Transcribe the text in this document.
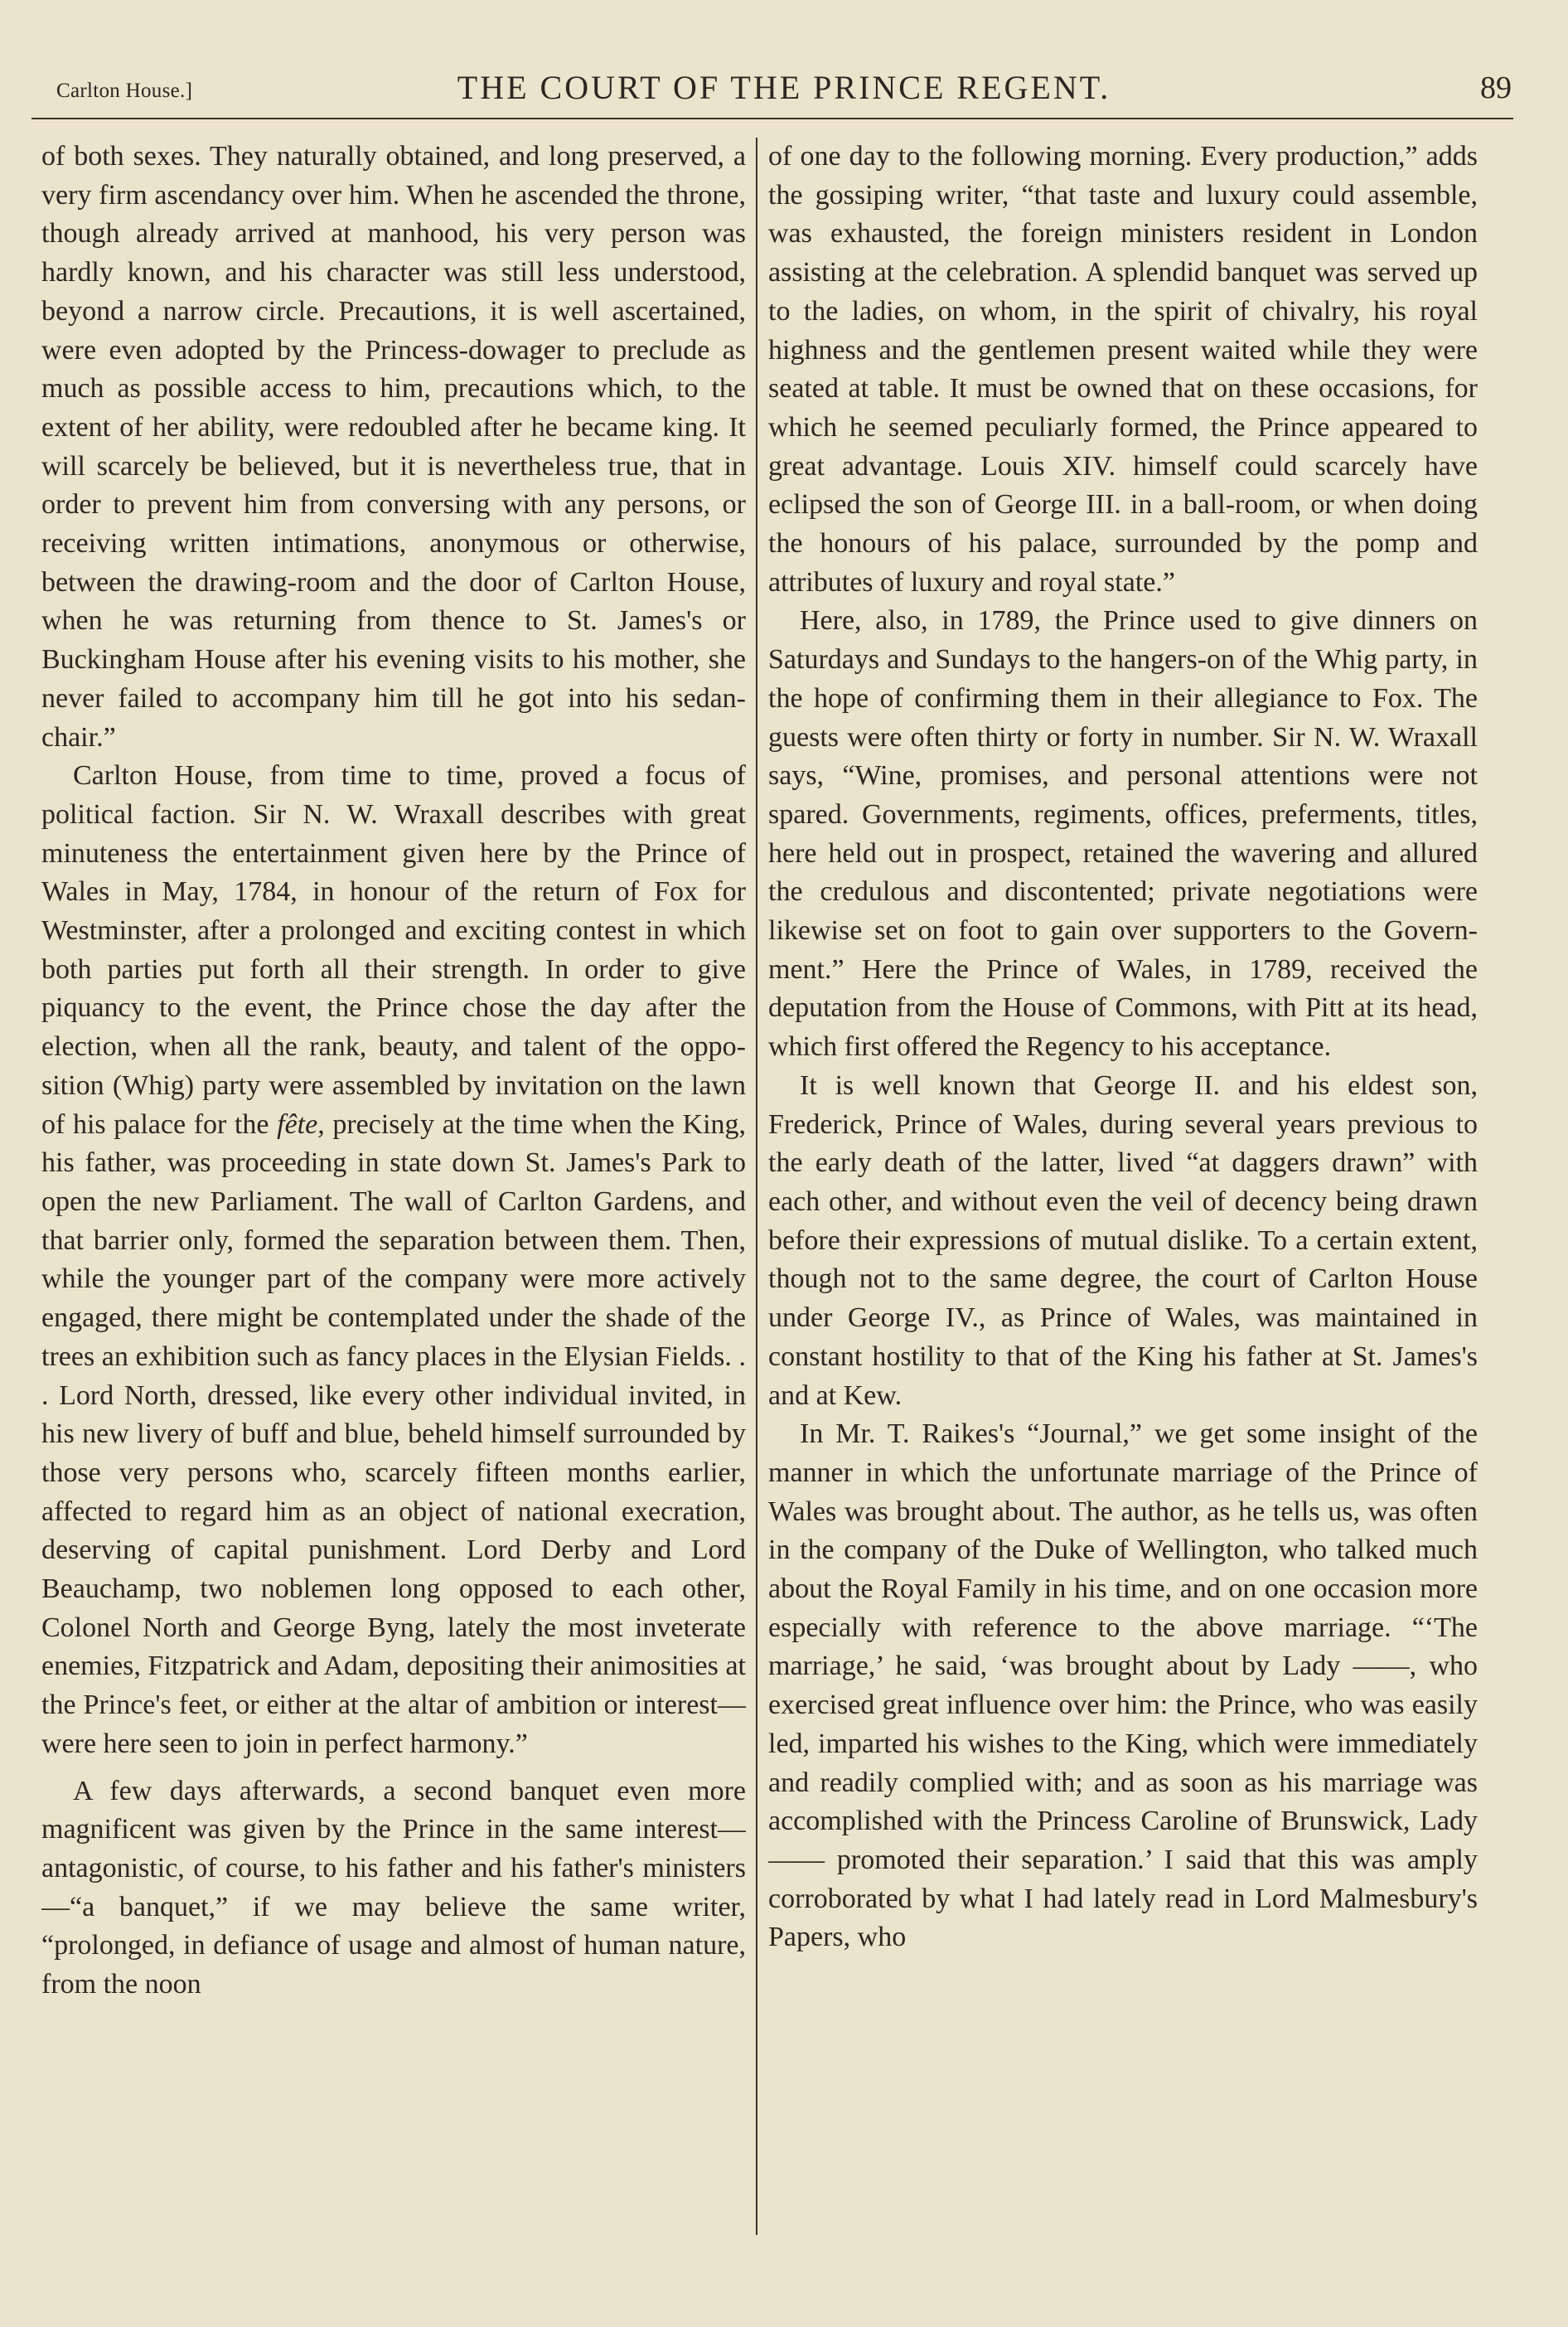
Carlton House.]	THE COURT OF THE PRINCE REGENT.	89

of both sexes. They naturally obtained, and long preserved, a very firm ascendancy over him. When he ascended the throne, though already arrived at manhood, his very person was hardly known, and his character was still less understood, beyond a narrow circle. Precautions, it is well ascertained, were even adopted by the Princess-dowager to preclude as much as possible access to him, precautions which, to the extent of her ability, were redoubled after he became king. It will scarcely be believed, but it is nevertheless true, that in order to prevent him from conversing with any persons, or receiving written intimations, anonymous or otherwise, between the drawing-room and the door of Carlton House, when he was returning from thence to St. James's or Buckingham House after his evening visits to his mother, she never failed to accompany him till he got into his sedan-chair.”

Carlton House, from time to time, proved a focus of political faction. Sir N. W. Wraxall describes with great minuteness the entertainment given here by the Prince of Wales in May, 1784, in honour of the return of Fox for Westminster, after a prolonged and exciting contest in which both parties put forth all their strength. In order to give piquancy to the event, the Prince chose the day after the election, when all the rank, beauty, and talent of the opposition (Whig) party were assembled by invitation on the lawn of his palace for the fête, precisely at the time when the King, his father, was proceeding in state down St. James's Park to open the new Parliament. The wall of Carlton Gardens, and that barrier only, formed the separation between them. Then, while the younger part of the company were more actively engaged, there might be contemplated under the shade of the trees an exhibition such as fancy places in the Elysian Fields. . . Lord North, dressed, like every other individual invited, in his new livery of buff and blue, beheld himself surrounded by those very persons who, scarcely fifteen months earlier, affected to regard him as an object of national execration, deserving of capital punishment. Lord Derby and Lord Beauchamp, two noblemen long opposed to each other, Colonel North and George Byng, lately the most inveterate enemies, Fitzpatrick and Adam, depositing their animosities at the Prince's feet, or either at the altar of ambition or interest—were here seen to join in perfect harmony.”

A few days afterwards, a second banquet even more magnificent was given by the Prince in the same interest—antagonistic, of course, to his father and his father's ministers—“a banquet,” if we may believe the same writer, “prolonged, in defiance of usage and almost of human nature, from the noon

of one day to the following morning. Every production,” adds the gossiping writer, “that taste and luxury could assemble, was exhausted, the foreign ministers resident in London assisting at the celebration. A splendid banquet was served up to the ladies, on whom, in the spirit of chivalry, his royal highness and the gentlemen present waited while they were seated at table. It must be owned that on these occasions, for which he seemed peculiarly formed, the Prince appeared to great advantage. Louis XIV. himself could scarcely have eclipsed the son of George III. in a ball-room, or when doing the honours of his palace, surrounded by the pomp and attributes of luxury and royal state.”

Here, also, in 1789, the Prince used to give dinners on Saturdays and Sundays to the hangers-on of the Whig party, in the hope of confirming them in their allegiance to Fox. The guests were often thirty or forty in number. Sir N. W. Wraxall says, “Wine, promises, and personal attentions were not spared. Governments, regiments, offices, preferments, titles, here held out in prospect, retained the wavering and allured the credulous and discontented; private negotiations were likewise set on foot to gain over supporters to the Government.” Here the Prince of Wales, in 1789, received the deputation from the House of Commons, with Pitt at its head, which first offered the Regency to his acceptance.

It is well known that George II. and his eldest son, Frederick, Prince of Wales, during several years previous to the early death of the latter, lived “at daggers drawn” with each other, and without even the veil of decency being drawn before their expressions of mutual dislike. To a certain extent, though not to the same degree, the court of Carlton House under George IV., as Prince of Wales, was maintained in constant hostility to that of the King his father at St. James's and at Kew.

In Mr. T. Raikes's “Journal,” we get some insight of the manner in which the unfortunate marriage of the Prince of Wales was brought about. The author, as he tells us, was often in the company of the Duke of Wellington, who talked much about the Royal Family in his time, and on one occasion more especially with reference to the above marriage. “‘The marriage,’ he said, ‘was brought about by Lady ——, who exercised great influence over him: the Prince, who was easily led, imparted his wishes to the King, which were immediately and readily complied with; and as soon as his marriage was accomplished with the Princess Caroline of Brunswick, Lady —— promoted their separation.’ I said that this was amply corroborated by what I had lately read in Lord Malmesbury's Papers, who
